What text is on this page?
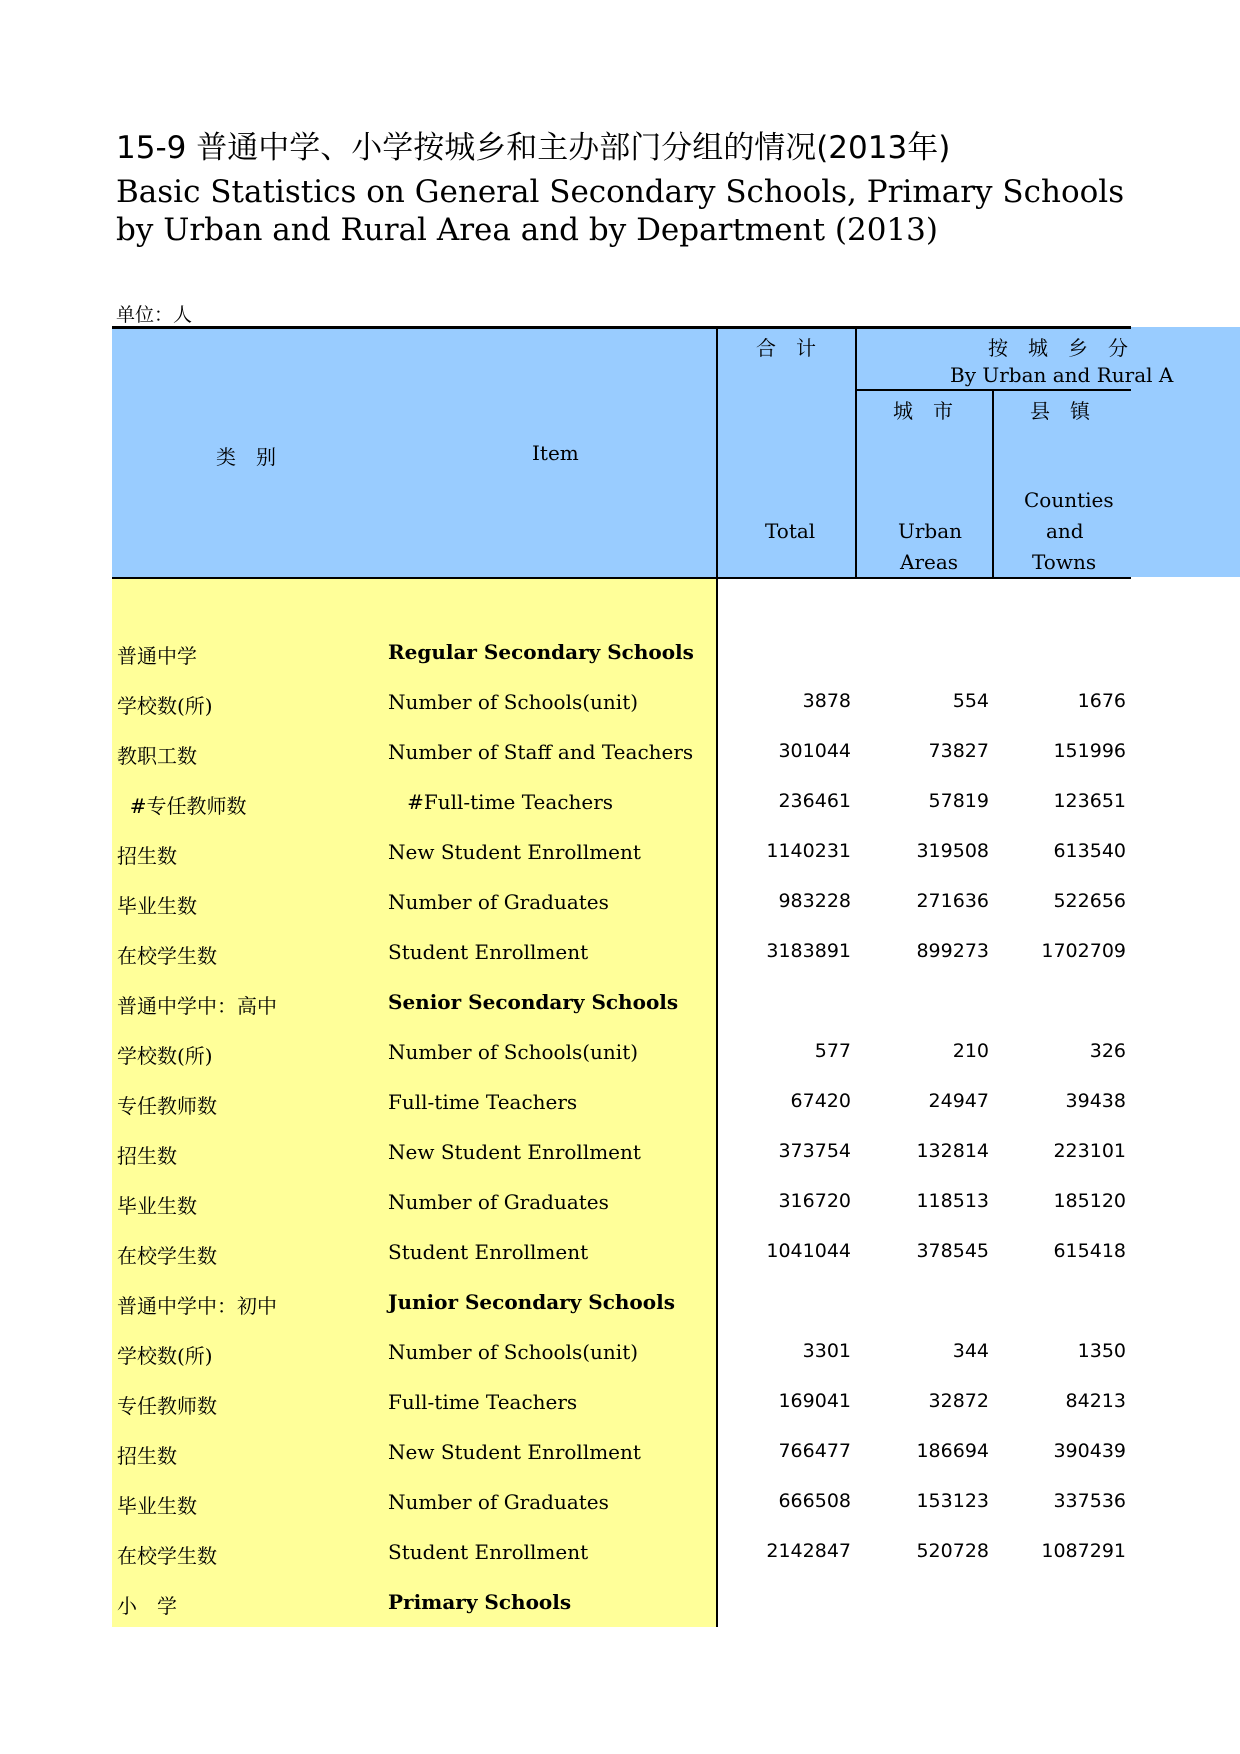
15-9 普通中学、小学按城乡和主办部门分组的情况(2013年)
Basic Statistics on General Secondary Schools, Primary Schools
by Urban and Rural Area and by Department (2013)
单位：人
类　别	Item
合　计
Total
按　城　乡　分
By Urban and Rural A
城　市
Urban
Areas
县　镇
Counties
and
Towns
普通中学	Regular Secondary Schools
学校数(所)	Number of Schools(unit)	3878	554	1676
教职工数	Number of Staff and Teachers	301044	73827	151996
#专任教师数	#Full-time Teachers	236461	57819	123651
招生数	New Student Enrollment	1140231	319508	613540
毕业生数	Number of Graduates	983228	271636	522656
在校学生数	Student Enrollment	3183891	899273	1702709
普通中学中：高中	Senior Secondary Schools
学校数(所)	Number of Schools(unit)	577	210	326
专任教师数	Full-time Teachers	67420	24947	39438
招生数	New Student Enrollment	373754	132814	223101
毕业生数	Number of Graduates	316720	118513	185120
在校学生数	Student Enrollment	1041044	378545	615418
普通中学中：初中	Junior Secondary Schools
学校数(所)	Number of Schools(unit)	3301	344	1350
专任教师数	Full-time Teachers	169041	32872	84213
招生数	New Student Enrollment	766477	186694	390439
毕业生数	Number of Graduates	666508	153123	337536
在校学生数	Student Enrollment	2142847	520728	1087291
小　学	Primary Schools
